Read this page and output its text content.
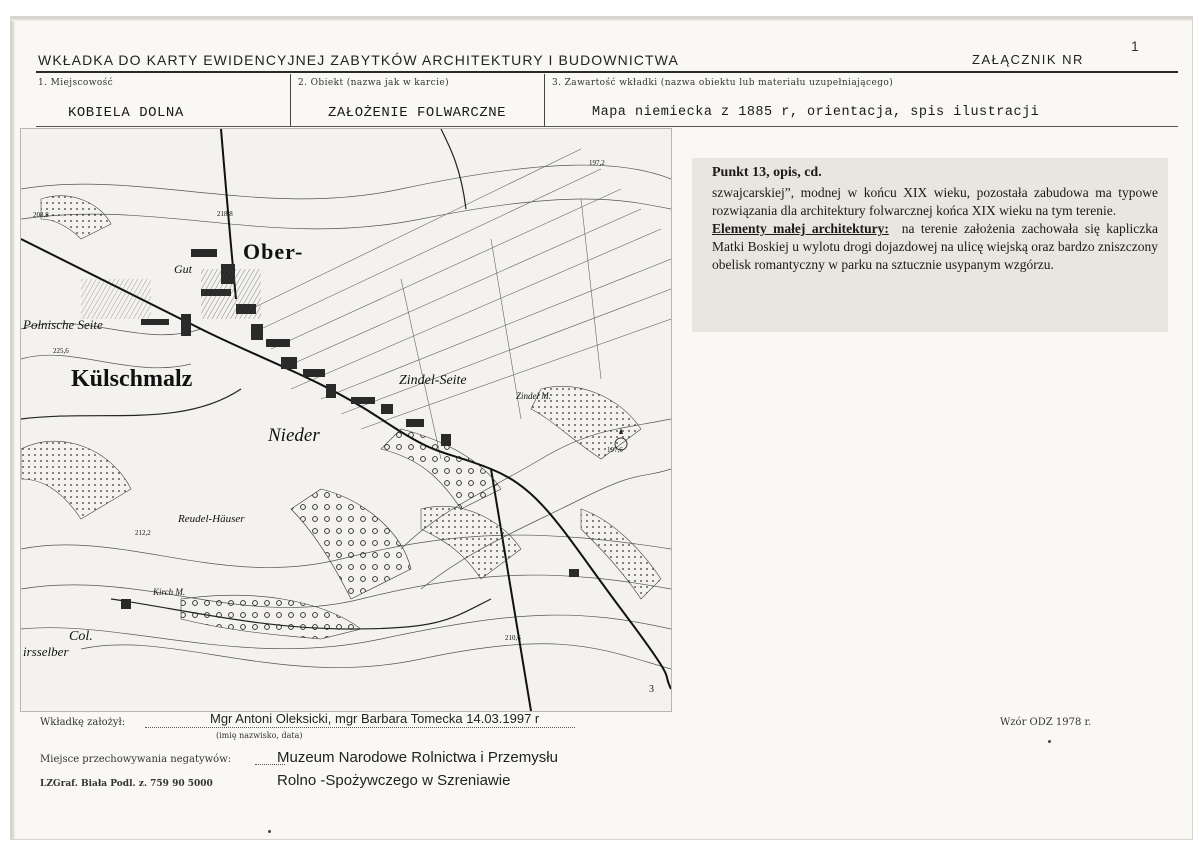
1
WKŁADKA DO KARTY EWIDENCYJNEJ ZABYTKÓW ARCHITEKTURY I BUDOWNICTWA	ZAŁĄCZNIK NR
1. Miejscowość
KOBIELA DOLNA
2. Obiekt (nazwa jak w karcie)
ZAŁOŻENIE FOLWARCZNE
3. Zawartość wkładki (nazwa obiektu lub materiału uzupełniającego)
Mapa niemiecka z 1885 r, orientacja, spis ilustracji
Ober-
Gut
Polnische Seite
Külschmalz	Zindel-Seite
Nieder
Reudel-Häuser
Col.
Zindel M.
Kirch M.
irsselber
3
208,8	218,8
225,6
197,2
197,6
212,2
210,6
Punkt 13, opis, cd.

szwajcarskiej”, modnej w końcu XIX wieku, pozostała zabudowa ma typowe rozwiązania dla architektury folwarcznej końca XIX wieku na tym terenie.

Elementy małej architektury: na terenie założenia zachowała się kapliczka Matki Boskiej u wylotu drogi dojazdowej na ulicę wiejską oraz bardzo zniszczony obelisk romantyczny w parku na sztucznie usypanym wzgórzu.

Wkładkę założył:	Mgr Antoni Oleksicki, mgr Barbara Tomecka 14.03.1997 r
(imię nazwisko, data)
Wzór ODZ 1978 r.
Miejsce przechowywania negatywów:	Muzeum Narodowe Rolnictwa i Przemysłu
Rolno -Spożywczego w Szreniawie
LZGraf. Biała Podl. z. 759 90 5000
